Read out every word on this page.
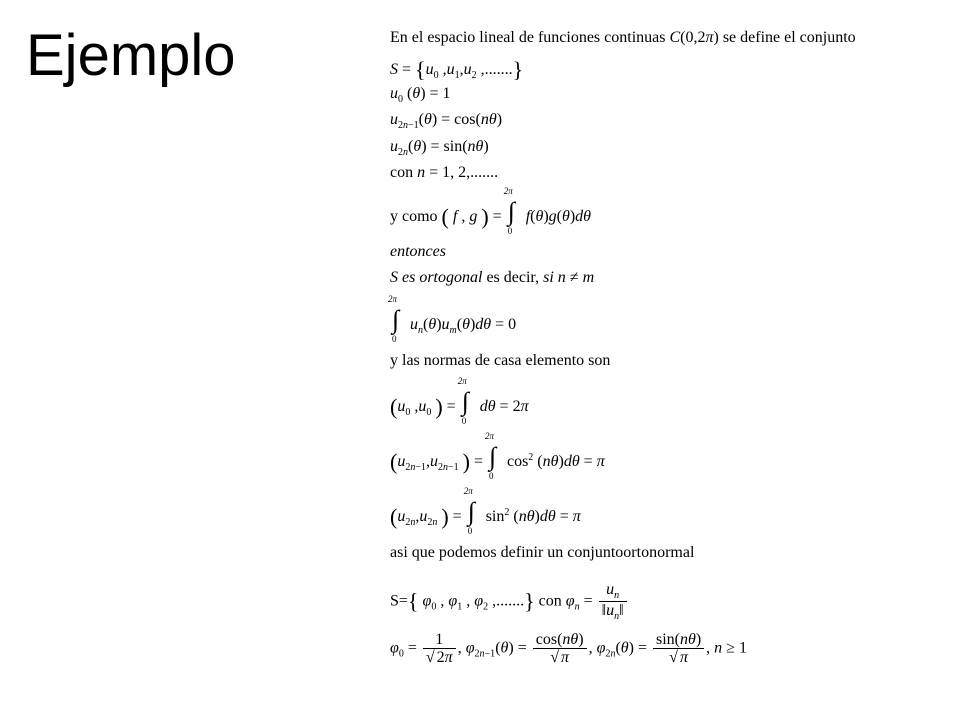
Ejemplo	En el espacio lineal de funciones continuas C(0,2π) se define el conjunto
$S = \{u_0$ $,u_1,u_2$ ,.......}
$u_0$ (θ) = 1
$u_{2n-1}(\theta) = \cos(n\theta)$
$u_{2n}(\theta) = \sin(n\theta)$
con n = 1, 2,.......
y como ( f , g ) =
2π
∫
0
f(θ)g(θ)dθ
entonces
S es ortogonal es decir, si n ≠ m
2π
∫
0
$u_n(\theta)u_m(\theta)d\theta = 0$
y las normas de casa elemento son
($u_0$ $,u_0$ ) =
2π
∫
0
dθ = 2π
($u_{2n-1},u_{2n-1}$ ) =
2π
∫
0
$\cos^2 (n\theta)d\theta = \pi$
($u_{2n},u_{2n}$ ) =
2π
∫
0
$\sin^2 (n\theta)d\theta = \pi$
asi que podemos definir un conjuntoortonormal
S={ $\varphi_0$ , $\varphi_1$ , $\varphi_2$ ,.......} con $\varphi_n = \frac{u_n}{‖u_n‖}$
$\varphi_0 = \frac{1}{√ 2\pi}$ , $\varphi_{2n-1}(\theta) = \frac{\cos(n\theta)}{√ \pi}$ , $\varphi_{2n}(\theta) = \frac{\sin(n\theta)}{√ \pi}$ , n ≥ 1
